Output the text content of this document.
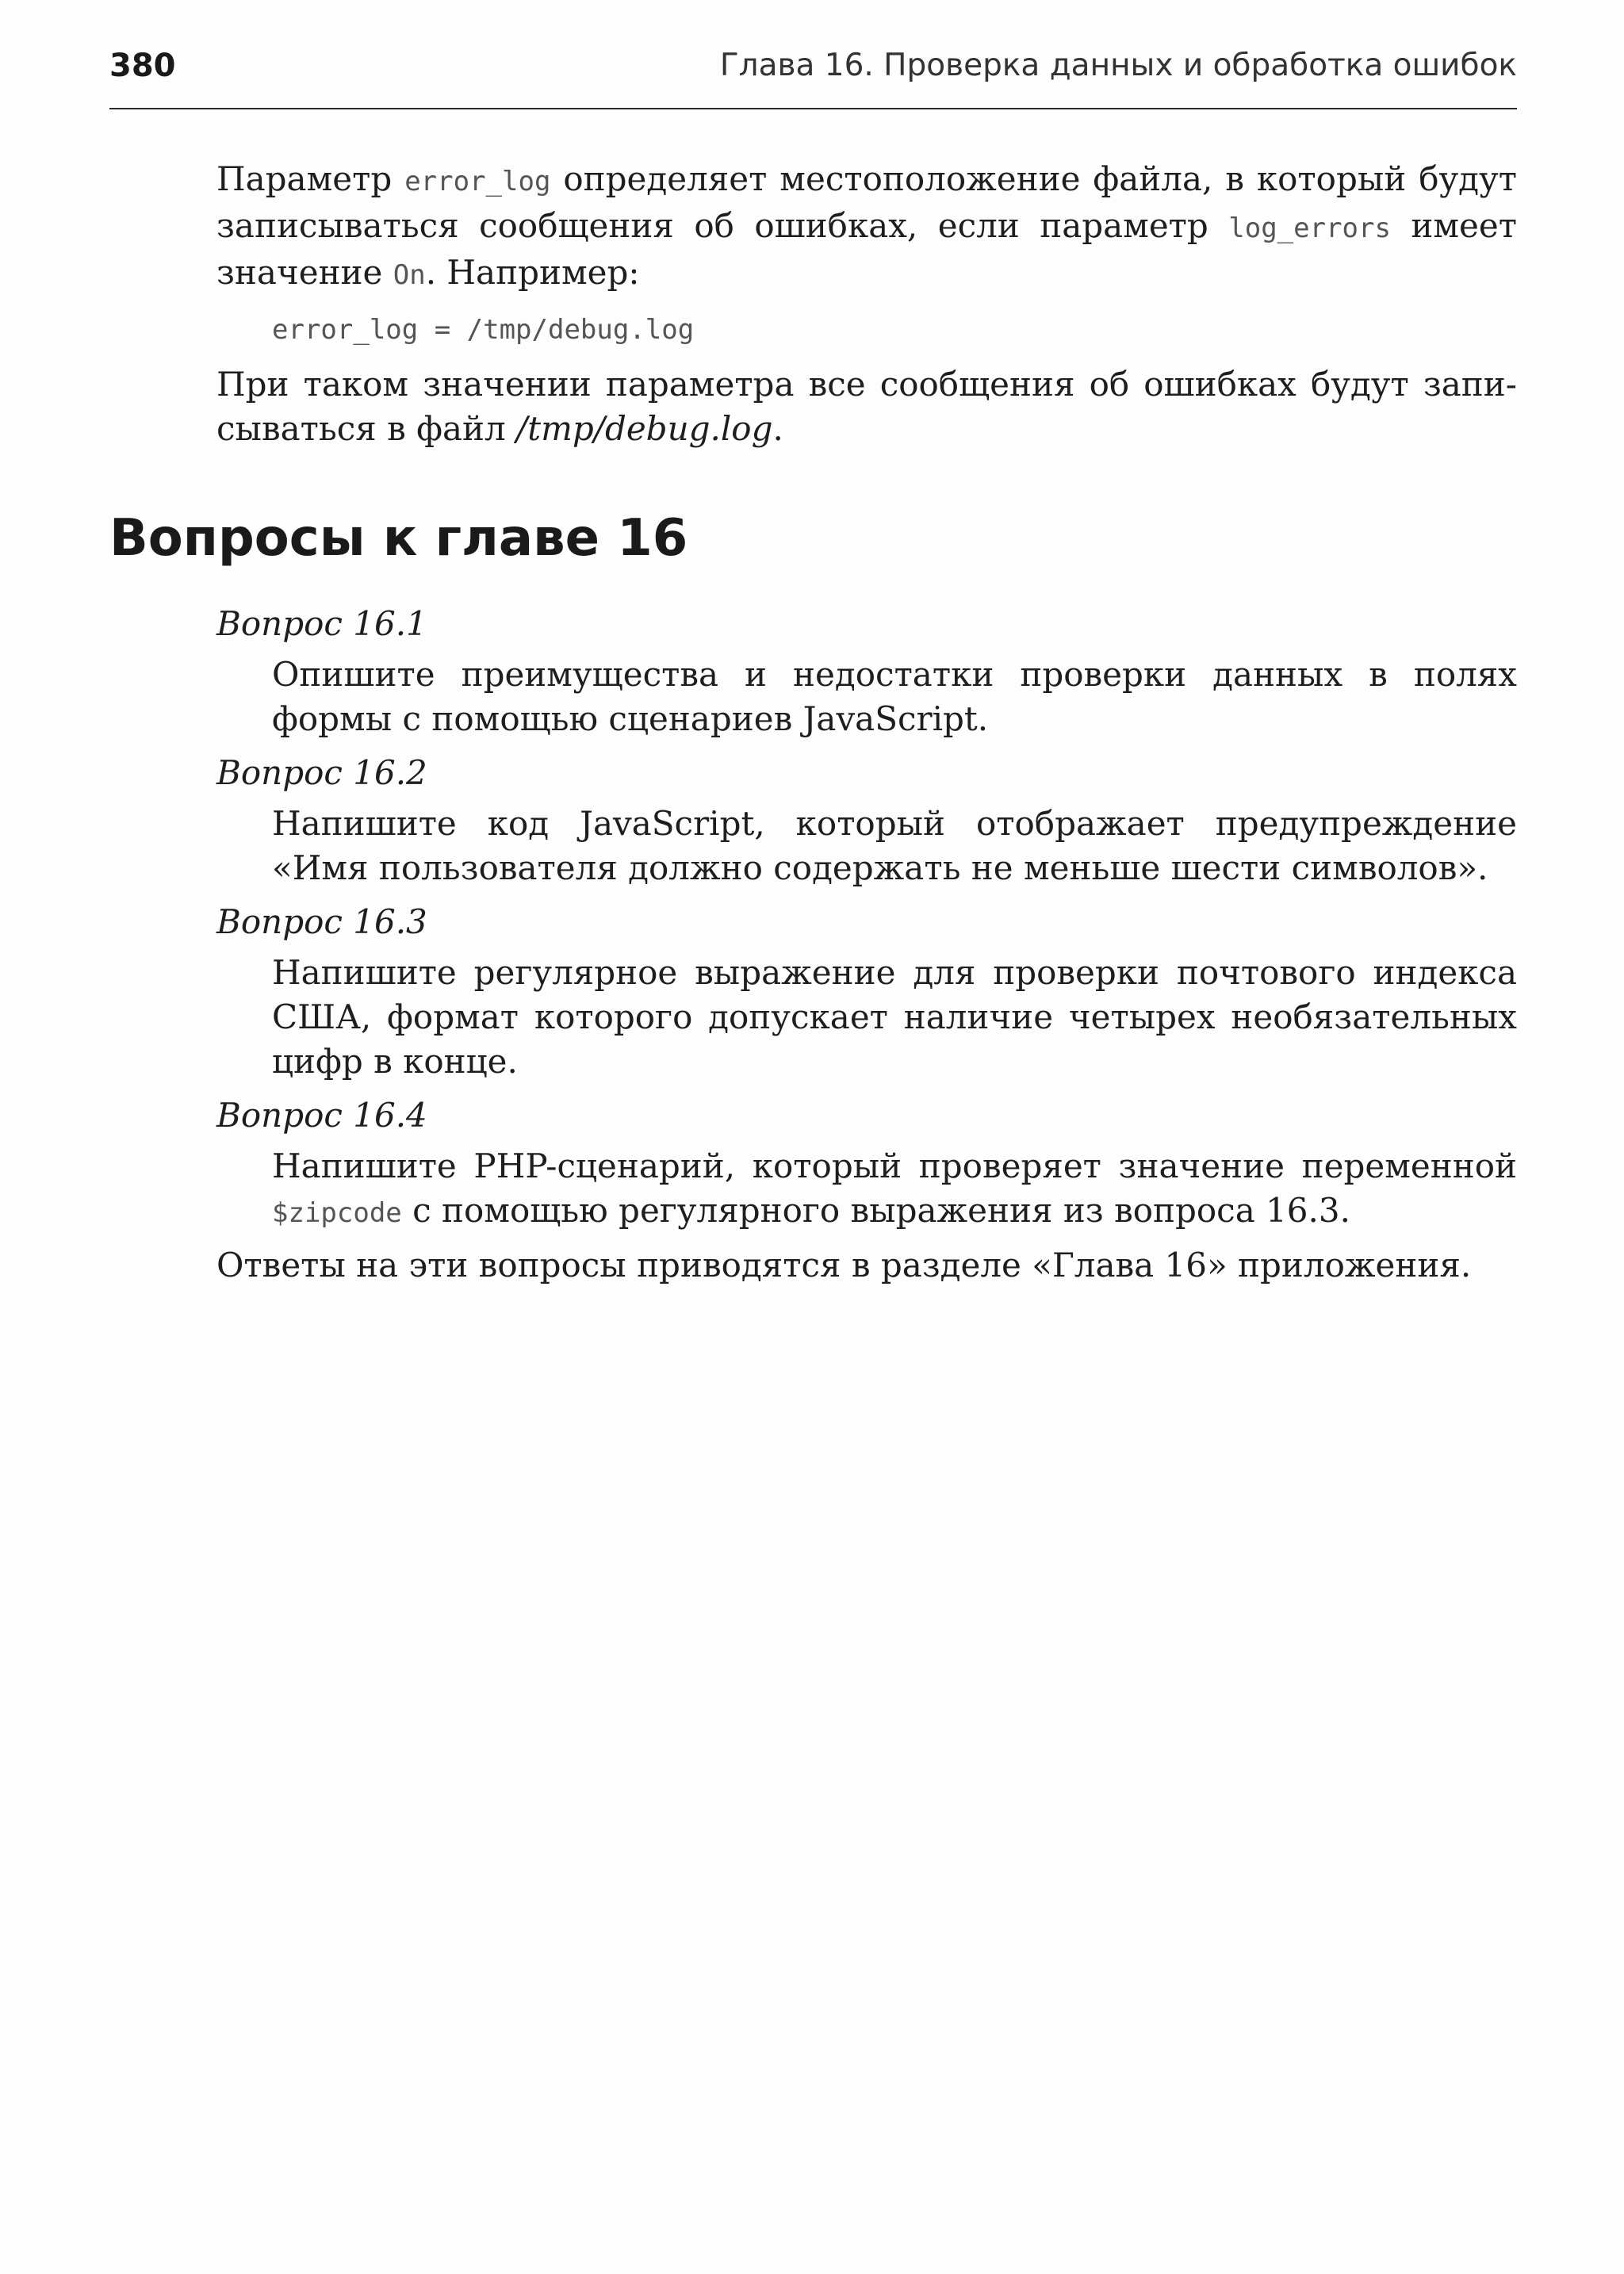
380	Глава 16. Проверка данных и обработка ошибок

Параметр error_log определяет местоположение файла, в который будут записываться сообщения об ошибках, если параметр log_errors имеет значение On. Например:

error_log = /tmp/debug.log

При таком значении параметра все сообщения об ошибках будут записываться в файл /tmp/debug.log.

Вопросы к главе 16
Вопрос 16.1
Опишите преимущества и недостатки проверки данных в полях формы с помощью сценариев JavaScript.
Вопрос 16.2
Напишите код JavaScript, который отображает предупреждение «Имя пользователя должно содержать не меньше шести символов».
Вопрос 16.3
Напишите регулярное выражение для проверки почтового индекса США, формат которого допускает наличие четырех необязательных цифр в конце.
Вопрос 16.4
Напишите PHP-сценарий, который проверяет значение переменной $zipcode с помощью регулярного выражения из вопроса 16.3.

Ответы на эти вопросы приводятся в разделе «Глава 16» приложения.
